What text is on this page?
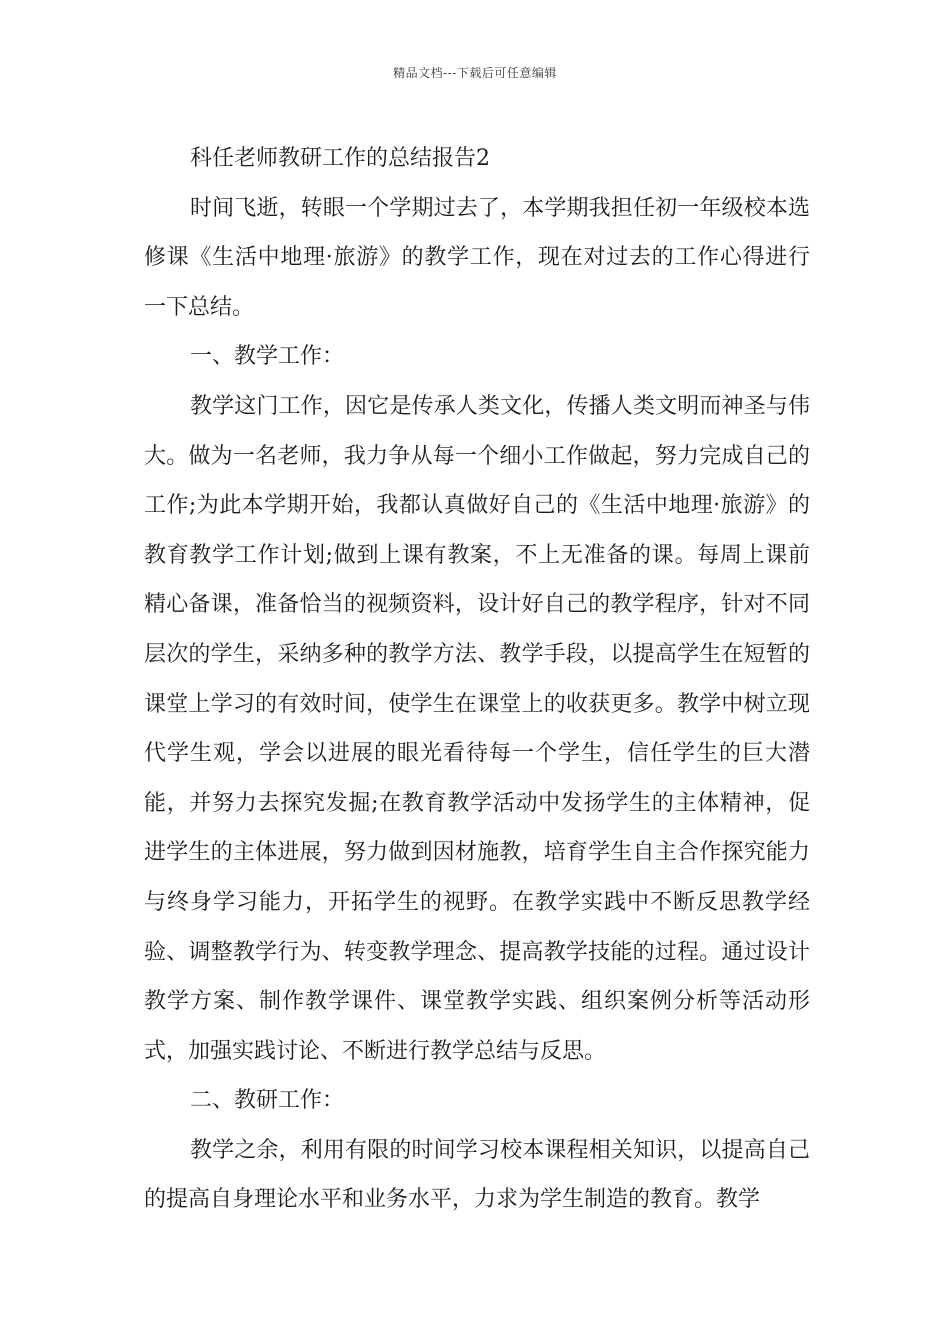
精品文档---下载后可任意编辑

科任老师教研工作的总结报告2

时间飞逝，转眼一个学期过去了，本学期我担任初一年级校本选修课《生活中地理·旅游》的教学工作，现在对过去的工作心得进行一下总结。

一、教学工作：

教学这门工作，因它是传承人类文化，传播人类文明而神圣与伟大。做为一名老师，我力争从每一个细小工作做起，努力完成自己的工作;为此本学期开始，我都认真做好自己的《生活中地理·旅游》的教育教学工作计划;做到上课有教案，不上无准备的课。每周上课前精心备课，准备恰当的视频资料，设计好自己的教学程序，针对不同层次的学生，采纳多种的教学方法、教学手段，以提高学生在短暂的课堂上学习的有效时间，使学生在课堂上的收获更多。教学中树立现代学生观，学会以进展的眼光看待每一个学生，信任学生的巨大潜能，并努力去探究发掘;在教育教学活动中发扬学生的主体精神，促进学生的主体进展，努力做到因材施教，培育学生自主合作探究能力与终身学习能力，开拓学生的视野。在教学实践中不断反思教学经验、调整教学行为、转变教学理念、提高教学技能的过程。通过设计教学方案、制作教学课件、课堂教学实践、组织案例分析等活动形式，加强实践讨论、不断进行教学总结与反思。

二、教研工作：

教学之余，利用有限的时间学习校本课程相关知识，以提高自己的提高自身理论水平和业务水平，力求为学生制造的教育。教学
